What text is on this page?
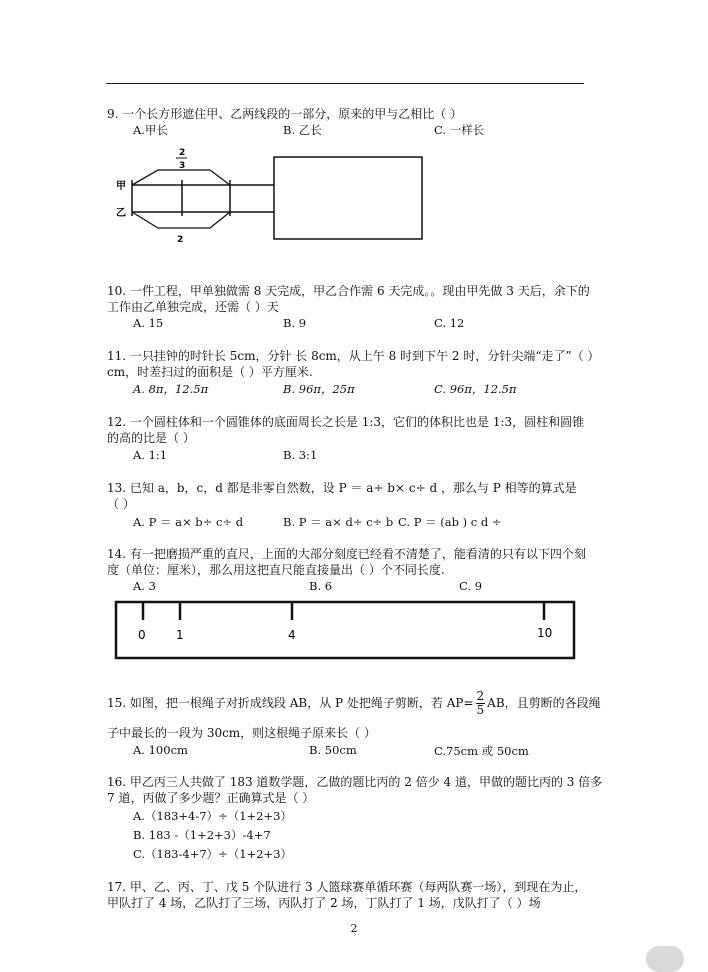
9. 一个长方形遮住甲、乙两线段的一部分，原来的甲与乙相比（ ）
A.甲长	B. 乙长	C. 一样长
2
3
2
甲
乙
10. 一件工程，甲单独做需 8 天完成，甲乙合作需 6 天完成。。现由甲先做 3 天后，余下的
工作由乙单独完成，还需（ ）天
A. 15	B. 9	C. 12
11. 一只挂钟的时针长 5cm，分针 长 8cm，从上午 8 时到下午 2 时，分针尖端“走了”（ ）
cm，时差扫过的面积是（ ）平方厘米.
A. 8π，12.5π	B. 96π，25π	C. 96π，12.5π
12. 一个圆柱体和一个圆锥体的底面周长之长是 1:3，它们的体积比也是 1:3，圆柱和圆锥
的高的比是（ ）
A. 1:1	B. 3:1
13. 已知 a，b，c，d 都是非零自然数，设 P ＝ a÷ b× c÷ d ，那么与 P 相等的算式是
（ ）
A. P ＝ a× b÷ c÷ d	B. P ＝ a× d÷ c÷ b C. P ＝ (ab ) c d ÷
14. 有一把磨损严重的直尺，上面的大部分刻度已经看不清楚了，能看清的只有以下四个刻
度（单位：厘米），那么用这把直尺能直接量出（ ）个不同长度.
A. 3	B. 6	C. 9
0	1	4	10
15. 如图，把一根绳子对折成线段 AB，从 P 处把绳子剪断，若 $AP= \frac{2}{5}$ AB，且剪断的各段绳
子中最长的一段为 30cm，则这根绳子原来长（ ）
A. 100cm	B. 50cm	C.75cm 或 50cm
16. 甲乙丙三人共做了 183 道数学题，乙做的题比丙的 2 倍少 4 道，甲做的题比丙的 3 倍多
7 道，丙做了多少题？正确算式是（ ）
A.（183+4-7）÷（1+2+3）
B. 183 -（1+2+3）-4+7
C.（183-4+7）÷（1+2+3）
17. 甲、乙、丙、丁、戊 5 个队进行 3 人篮球赛单循环赛（每两队赛一场），到现在为止，
甲队打了 4 场，乙队打了三场，丙队打了 2 场，丁队打了 1 场，戊队打了（ ）场
2
